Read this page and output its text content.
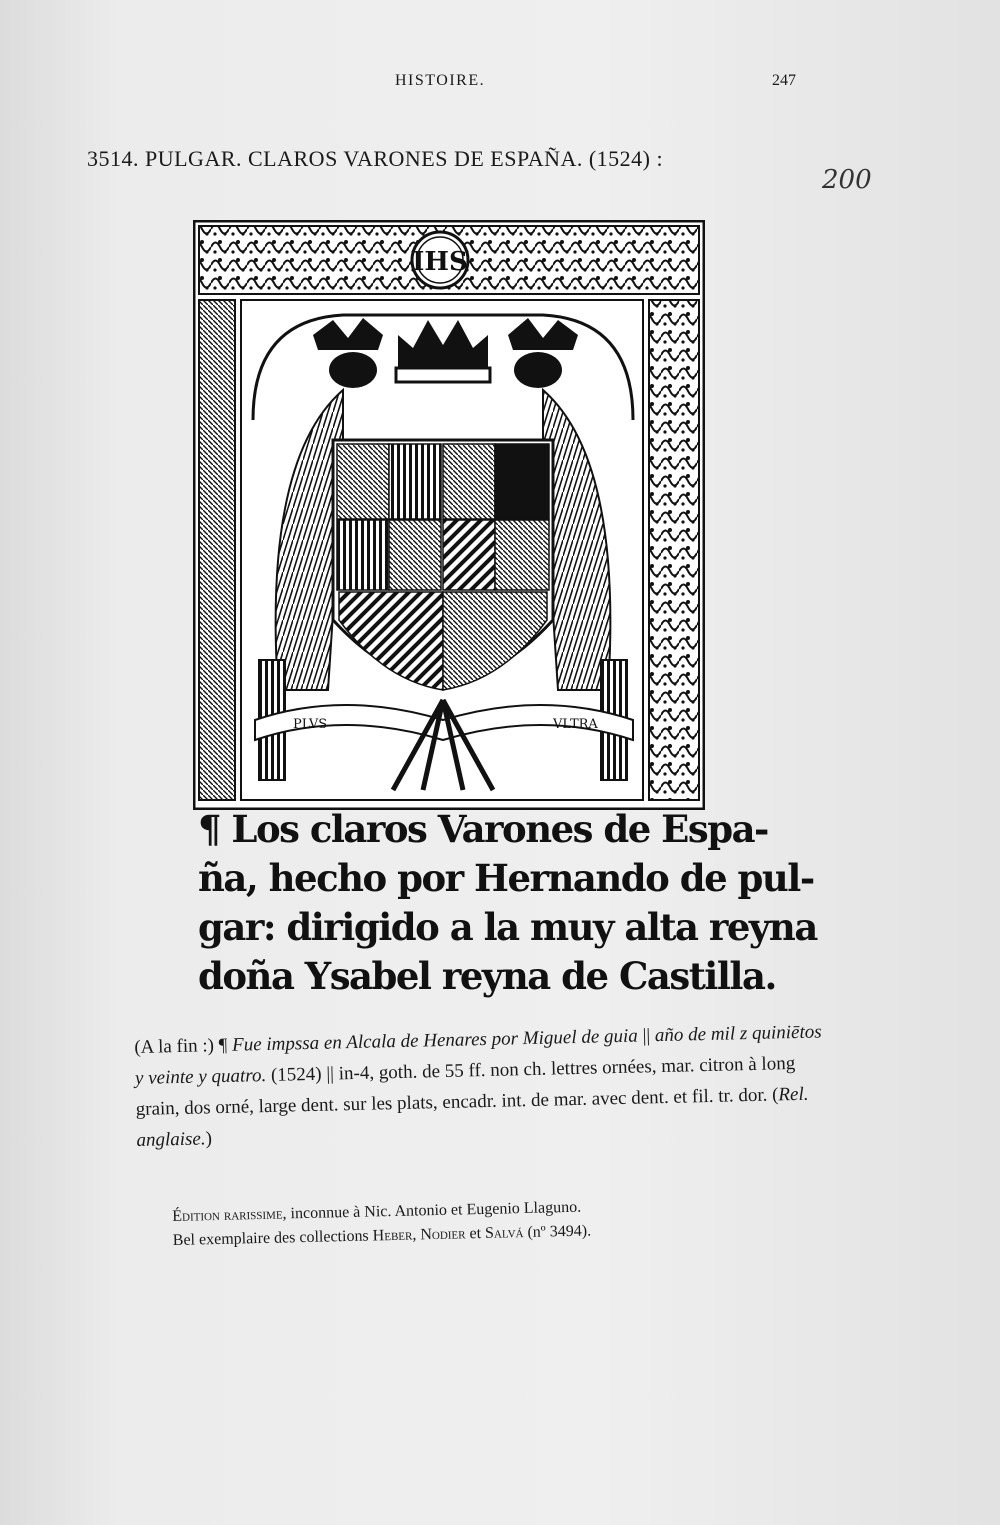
HISTOIRE.	247
3514. PULGAR. CLAROS VARONES DE ESPAÑA. (1524) :
200
IHS
PLVS	VLTRA
¶ Los claros Varones de Espa-
ña, hecho por Hernando de pul-
gar: dirigido a la muy alta reyna
doña Ysabel reyna de Castilla.
(A la fin :) ¶ Fue impssa en Alcala de Henares por Miguel de guia || año de mil z quiniētos y veinte y quatro. (1524) || in-4, goth. de 55 ff. non ch. lettres ornées, mar. citron à long grain, dos orné, large dent. sur les plats, encadr. int. de mar. avec dent. et fil. tr. dor. (Rel. anglaise.)
Édition rarissime, inconnue à Nic. Antonio et Eugenio Llaguno.
Bel exemplaire des collections Heber, Nodier et Salvá (nº 3494).
